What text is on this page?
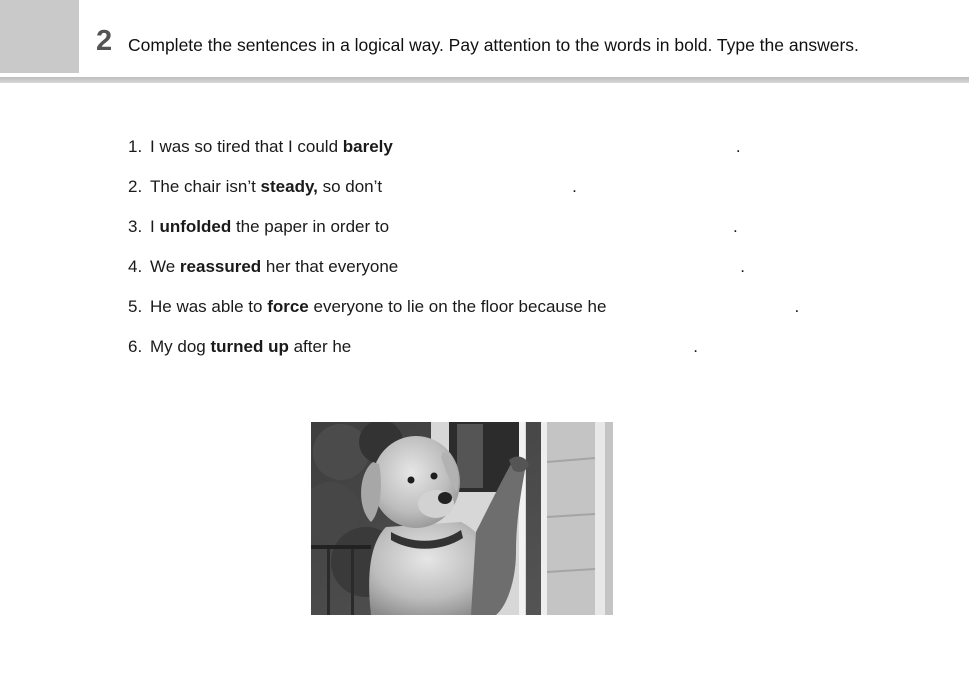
2 Complete the sentences in a logical way. Pay attention to the words in bold. Type the answers.
1. I was so tired that I could barely	.
2. The chair isn’t steady, so don’t	.
3. I unfolded the paper in order to	.
4. We reassured her that everyone	.
5. He was able to force everyone to lie on the floor because he	.
6. My dog turned up after he	.
